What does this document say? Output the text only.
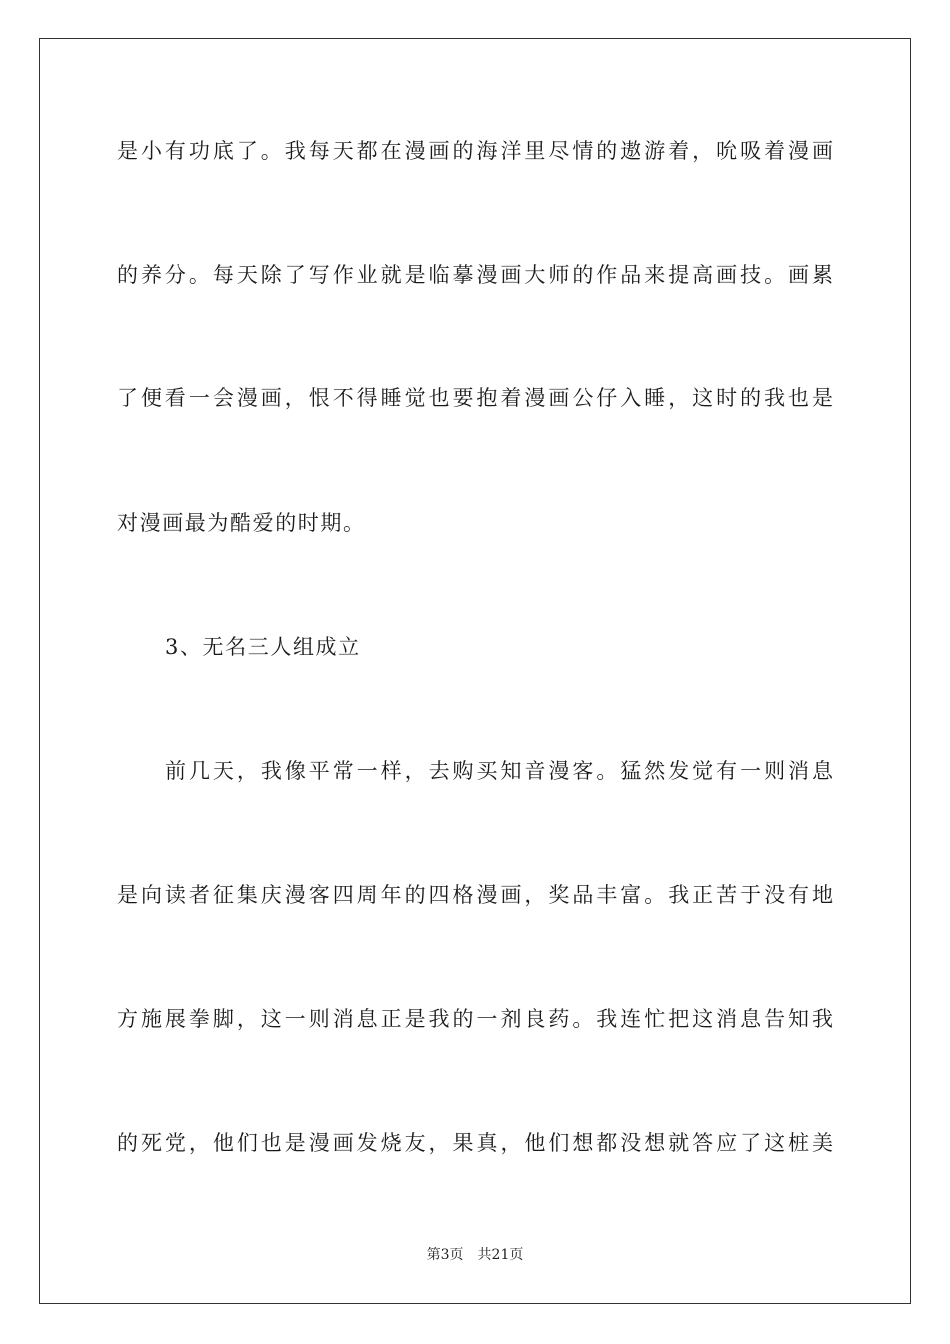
是小有功底了。我每天都在漫画的海洋里尽情的遨游着，吮吸着漫画
的养分。每天除了写作业就是临摹漫画大师的作品来提高画技。画累
了便看一会漫画，恨不得睡觉也要抱着漫画公仔入睡，这时的我也是
对漫画最为酷爱的时期。
3、无名三人组成立
前几天，我像平常一样，去购买知音漫客。猛然发觉有一则消息
是向读者征集庆漫客四周年的四格漫画，奖品丰富。我正苦于没有地
方施展拳脚，这一则消息正是我的一剂良药。我连忙把这消息告知我
的死党，他们也是漫画发烧友，果真，他们想都没想就答应了这桩美
第3页 共21页
